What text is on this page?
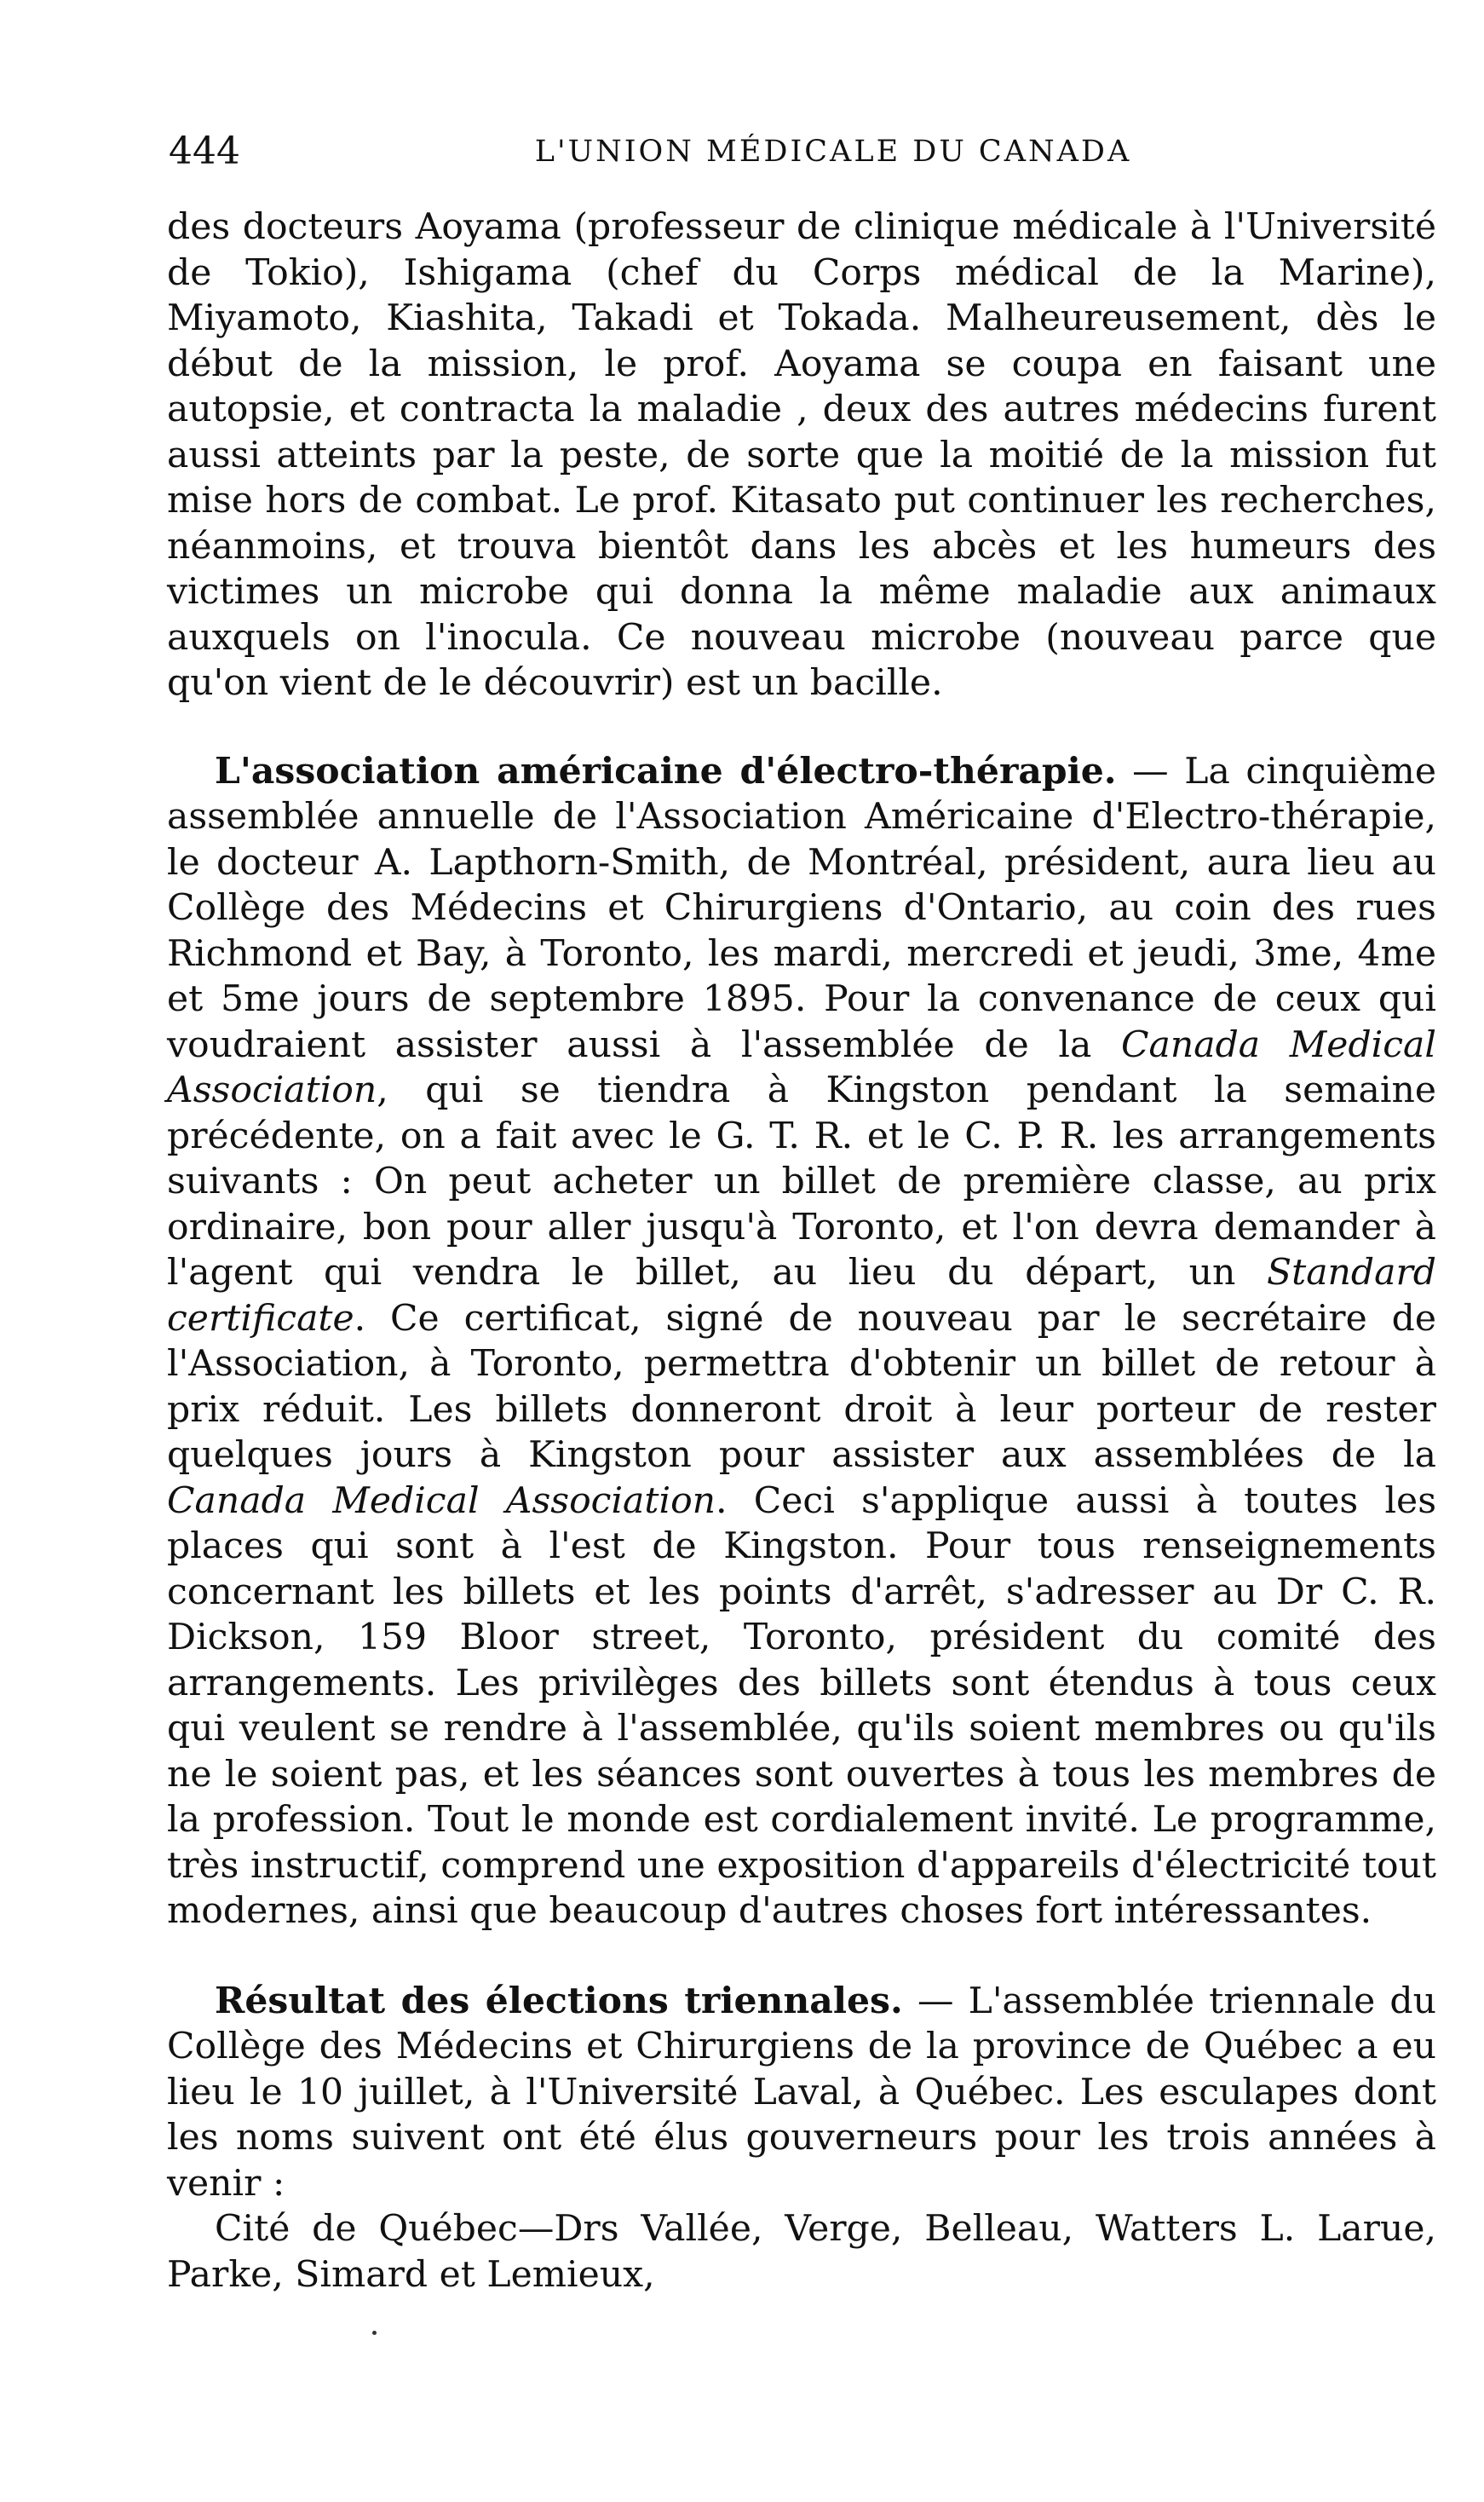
444	L'UNION MÉDICALE DU CANADA

des docteurs Aoyama (professeur de clinique médicale à l'Université de Tokio), Ishigama (chef du Corps médical de la Marine), Miyamoto, Kiashita, Takadi et Tokada. Malheureusement, dès le début de la mission, le prof. Aoyama se coupa en faisant une autopsie, et contracta la maladie , deux des autres médecins furent aussi atteints par la peste, de sorte que la moitié de la mission fut mise hors de combat. Le prof. Kitasato put continuer les recherches, néanmoins, et trouva bientôt dans les abcès et les humeurs des victimes un microbe qui donna la même maladie aux animaux auxquels on l'inocula. Ce nouveau microbe (nouveau parce que qu'on vient de le découvrir) est un bacille.

L'association américaine d'électro-thérapie. — La cinquième assemblée annuelle de l'Association Américaine d'Electro-thérapie, le docteur A. Lapthorn-Smith, de Montréal, président, aura lieu au Collège des Médecins et Chirurgiens d'Ontario, au coin des rues Richmond et Bay, à Toronto, les mardi, mercredi et jeudi, 3me, 4me et 5me jours de septembre 1895. Pour la convenance de ceux qui voudraient assister aussi à l'assemblée de la Canada Medical Association, qui se tiendra à Kingston pendant la semaine précédente, on a fait avec le G. T. R. et le C. P. R. les arrangements suivants : On peut acheter un billet de première classe, au prix ordinaire, bon pour aller jusqu'à Toronto, et l'on devra demander à l'agent qui vendra le billet, au lieu du départ, un Standard certificate. Ce certificat, signé de nouveau par le secrétaire de l'Association, à Toronto, permettra d'obtenir un billet de retour à prix réduit. Les billets donneront droit à leur porteur de rester quelques jours à Kingston pour assister aux assemblées de la Canada Medical Association. Ceci s'applique aussi à toutes les places qui sont à l'est de Kingston. Pour tous renseignements concernant les billets et les points d'arrêt, s'adresser au Dr C. R. Dickson, 159 Bloor street, Toronto, président du comité des arrangements. Les privilèges des billets sont étendus à tous ceux qui veulent se rendre à l'assemblée, qu'ils soient membres ou qu'ils ne le soient pas, et les séances sont ouvertes à tous les membres de la profession. Tout le monde est cordialement invité. Le programme, très instructif, comprend une exposition d'appareils d'électricité tout modernes, ainsi que beaucoup d'autres choses fort intéressantes.

Résultat des élections triennales. — L'assemblée triennale du Collège des Médecins et Chirurgiens de la province de Québec a eu lieu le 10 juillet, à l'Université Laval, à Québec. Les esculapes dont les noms suivent ont été élus gouverneurs pour les trois années à venir :

Cité de Québec—Drs Vallée, Verge, Belleau, Watters L. Larue, Parke, Simard et Lemieux,
